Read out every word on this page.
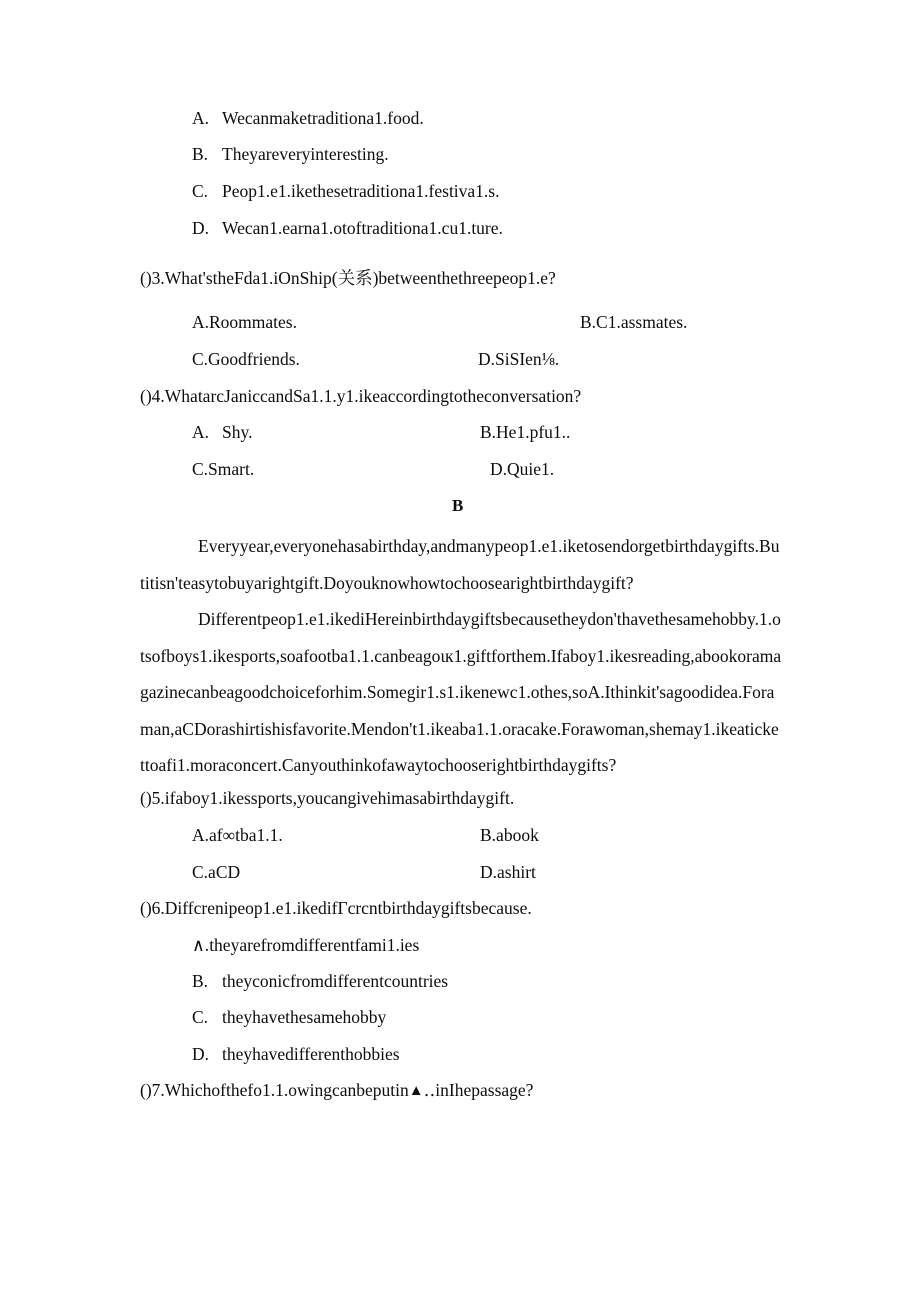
A. Wecanmaketraditiona1.food.
B. Theyareveryinteresting.
C. Peop1.e1.ikethesetraditiona1.festiva1.s.
D. Wecan1.earna1.otoftraditiona1.cu1.ture.
()3.What'stheFda1.iOnShip(关系)betweenthethreepeop1.e?
A.Roommates.	B.C1.assmates.
C.Goodfriends.	D.SiSIen⅛.
()4.WhatarcJaniccandSa1.1.y1.ikeaccordingtotheconversation?
A. Shy.	B.He1.pfu1..
C.Smart.	D.Quie1.
B
Everyyear,everyonehasabirthday,andmanypeop1.e1.iketosendorgetbirthdaygifts.Butitisn'teasytobuyarightgift.Doyouknowhowtochoosearightbirthdaygift?
Differentpeop1.e1.ikediHereinbirthdaygiftsbecausetheydon'thavethesamehobby.1.otsofboys1.ikesports,soafootba1.1.canbeagoιк1.giftforthem.Ifaboy1.ikesreading,abookoramagazinecanbeagoodchoiceforhim.Somegir1.s1.ikenewc1.othes,soA.Ithinkit'sagoodidea.Foraman,aCDorashirtishisfavorite.Mendon't1.ikeaba1.1.oracake.Forawoman,shemay1.ikeatickettoafi1.moraconcert.Canyouthinkofawaytochooserightbirthdaygifts?
()5.ifaboy1.ikessports,youcangivehimasabirthdaygift.
A.af∞tba1.1.	B.abook
C.aCD	D.ashirt
()6.Diffcrenipeop1.e1.ikedifΓcrcntbirthdaygiftsbecause.
∧.theyarefromdifferentfami1.ies
B. theyconicfromdifferentcountries
C. theyhavethesamehobby
D. theyhavedifferenthobbies
()7.Whichofthefo1.1.owingcanbeputin▲‥inIhepassage?
